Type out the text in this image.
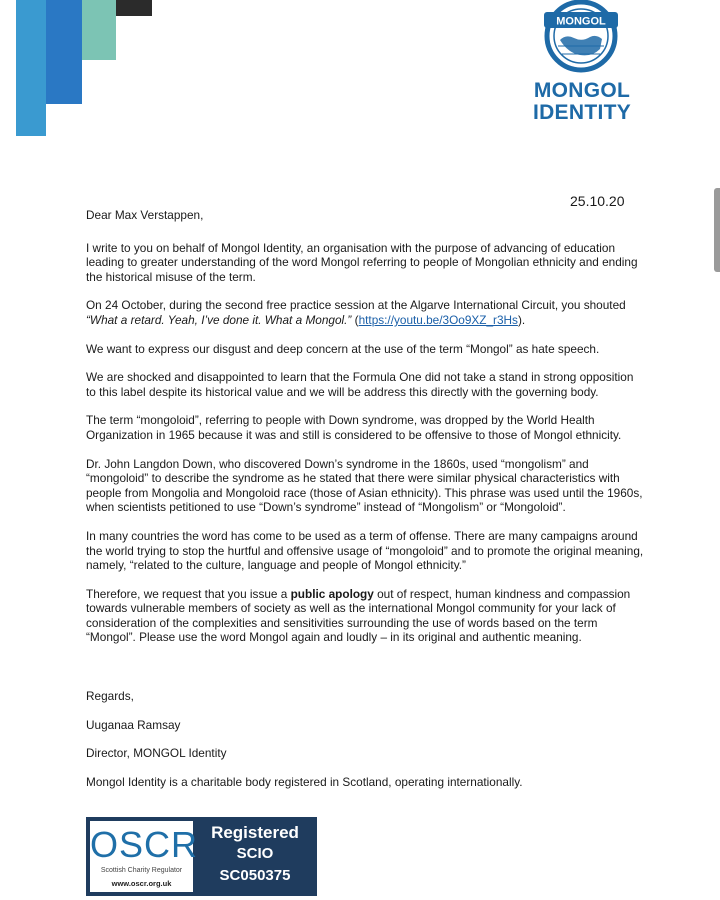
MONGOL
MONGOL
IDENTITY
25.10.20

Dear Max Verstappen,

I write to you on behalf of Mongol Identity, an organisation with the purpose of advancing of education leading to greater understanding of the word Mongol referring to people of Mongolian ethnicity and ending the historical misuse of the term.

On 24 October, during the second free practice session at the Algarve International Circuit, you shouted “What a retard. Yeah, I’ve done it. What a Mongol.” (https://youtu.be/3Oo9XZ_r3Hs).

We want to express our disgust and deep concern at the use of the term “Mongol” as hate speech.

We are shocked and disappointed to learn that the Formula One did not take a stand in strong opposition to this label despite its historical value and we will be address this directly with the governing body.

The term “mongoloid”, referring to people with Down syndrome, was dropped by the World Health Organization in 1965 because it was and still is considered to be offensive to those of Mongol ethnicity.

Dr. John Langdon Down, who discovered Down’s syndrome in the 1860s, used “mongolism” and “mongoloid” to describe the syndrome as he stated that there were similar physical characteristics with people from Mongolia and Mongoloid race (those of Asian ethnicity). This phrase was used until the 1960s, when scientists petitioned to use “Down’s syndrome” instead of “Mongolism” or “Mongoloid”.

In many countries the word has come to be used as a term of offense. There are many campaigns around the world trying to stop the hurtful and offensive usage of “mongoloid” and to promote the original meaning, namely, “related to the culture, language and people of Mongol ethnicity.”

Therefore, we request that you issue a public apology out of respect, human kindness and compassion towards vulnerable members of society as well as the international Mongol community for your lack of consideration of the complexities and sensitivities surrounding the use of words based on the term “Mongol”. Please use the word Mongol again and loudly – in its original and authentic meaning.

Regards,

Uuganaa Ramsay

Director, MONGOL Identity

Mongol Identity is a charitable body registered in Scotland, operating internationally.

OSCR
Scottish Charity Regulator
www.oscr.org.uk
Registered
SCIO
SC050375
